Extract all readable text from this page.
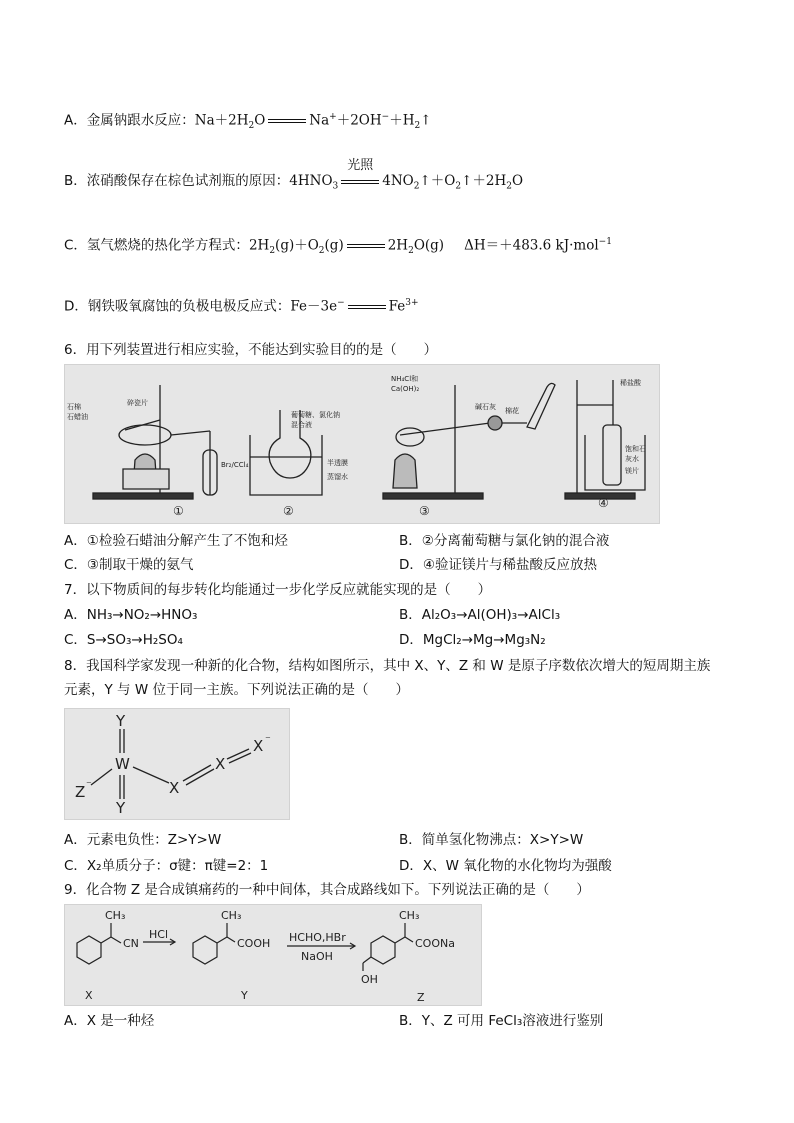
A．金属钠跟水反应：$Na+2H_2O$	$Na^++2OH^-+H_2↑$
B．浓硝酸保存在棕色试剂瓶的原因：$4HNO_3$
光照
$4NO_2↑+O_2↑+2H_2O$
C．氢气燃烧的热化学方程式：$2H_2(g)+O_2(g)$	$2H_2O(g)$ ΔH＝＋483.6 kJ·mol$^{-1}$
D．钢铁吸氧腐蚀的负极电极反应式：Fe－3e−	$Fe^{3+}$
6．用下列装置进行相应实验，不能达到实验目的的是（　　）
石棉
石蜡油
碎瓷片
Br₂/CCl₄
葡萄糖、氯化钠
混合液
半透膜
蒸馏水
NH₄Cl和
Ca(OH)₂
碱石灰 棉花
稀盐酸
饱和石
灰水
镁片
①	②	③
④
A．①检验石蜡油分解产生了不饱和烃	B．②分离葡萄糖与氯化钠的混合液
C．③制取干燥的氨气	D．④验证镁片与稀盐酸反应放热
7．以下物质间的每步转化均能通过一步化学反应就能实现的是（　　）
A．NH₃→NO₂→HNO₃	B．Al₂O₃→Al(OH)₃→AlCl₃
C．S→SO₃→H₂SO₄	D．MgCl₂→Mg→Mg₃N₂
8．我国科学家发现一种新的化合物，结构如图所示，其中 X、Y、Z 和 W 是原子序数依次增大的短周期主族
元素，Y 与 W 位于同一主族。下列说法正确的是（　　）
Y
W
Y
Z ⁻	X
X
X ⁻
A．元素电负性：Z>Y>W	B．简单氢化物沸点：X>Y>W
C．X₂单质分子：σ键：π键=2：1	D．X、W 氧化物的水化物均为强酸
9．化合物 Z 是合成镇痛药的一种中间体，其合成路线如下。下列说法正确的是（　　）
CH₃
CN
HCl
X
CH₃
COOH HCHO,HBr
NaOH
Y
CH₃
COONa
OH
Z
A．X 是一种烃	B．Y、Z 可用 FeCl₃溶液进行鉴别
